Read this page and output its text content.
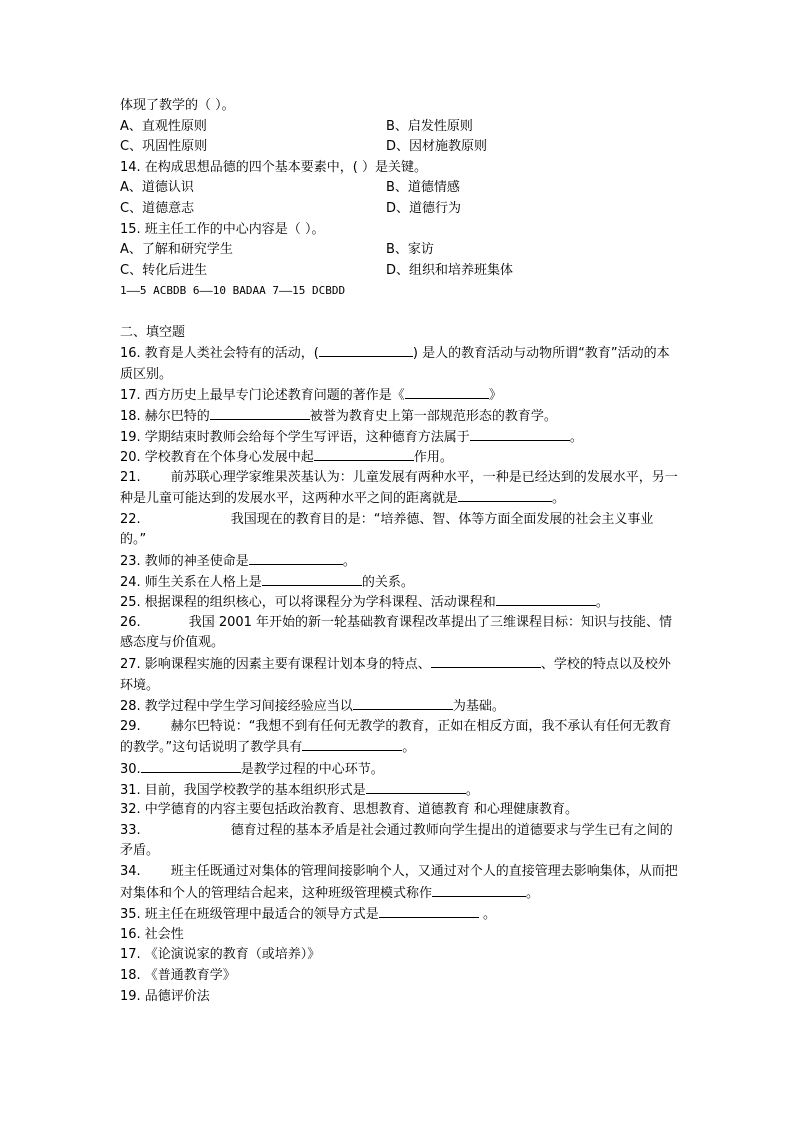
体现了教学的（ ）。
A、直观性原则	B、启发性原则
C、巩固性原则	D、因材施教原则
14. 在构成思想品德的四个基本要素中，( ）是关键。
A、道德认识	B、道德情感
C、道德意志	D、道德行为
15. 班主任工作的中心内容是（ ）。
A、了解和研究学生	B、家访
C、转化后进生	D、组织和培养班集体
1——5 ACBDB 6——10 BADAA 7——15 DCBDD
二、填空题
16. 教育是人类社会特有的活动，(	) 是人的教育活动与动物所谓“教育”活动的本质区别。
17. 西方历史上最早专门论述教育问题的著作是《	》
18. 赫尔巴特的	被誉为教育史上第一部规范形态的教育学。
19. 学期结束时教师会给每个学生写评语，这种德育方法属于	。
20. 学校教育在个体身心发展中起	作用。
21. 前苏联心理学家维果茨基认为：儿童发展有两种水平，一种是已经达到的发展水平，另一种是儿童可能达到的发展水平，这两种水平之间的距离就是	。
22.	我国现在的教育目的是：“培养德、智、体等方面全面发展的社会主义事业的。”
23. 教师的神圣使命是	。
24. 师生关系在人格上是	的关系。
25. 根据课程的组织核心，可以将课程分为学科课程、活动课程和	。
26.	我国 2001 年开始的新一轮基础教育课程改革提出了三维课程目标：知识与技能、情感态度与价值观。
27. 影响课程实施的因素主要有课程计划本身的特点、	、学校的特点以及校外环境。
28. 教学过程中学生学习间接经验应当以	为基础。
29. 赫尔巴特说：“我想不到有任何无教学的教育，正如在相反方面，我不承认有任何无教育的教学。”这句话说明了教学具有	。
30.	是教学过程的中心环节。
31. 目前，我国学校教学的基本组织形式是	。
32. 中学德育的内容主要包括政治教育、思想教育、道德教育 和心理健康教育。
33.	德育过程的基本矛盾是社会通过教师向学生提出的道德要求与学生已有之间的矛盾。
34. 班主任既通过对集体的管理间接影响个人，又通过对个人的直接管理去影响集体，从而把对集体和个人的管理结合起来，这种班级管理模式称作	。
35. 班主任在班级管理中最适合的领导方式是	。
16. 社会性
17. 《论演说家的教育（或培养）》
18. 《普通教育学》
19. 品德评价法
